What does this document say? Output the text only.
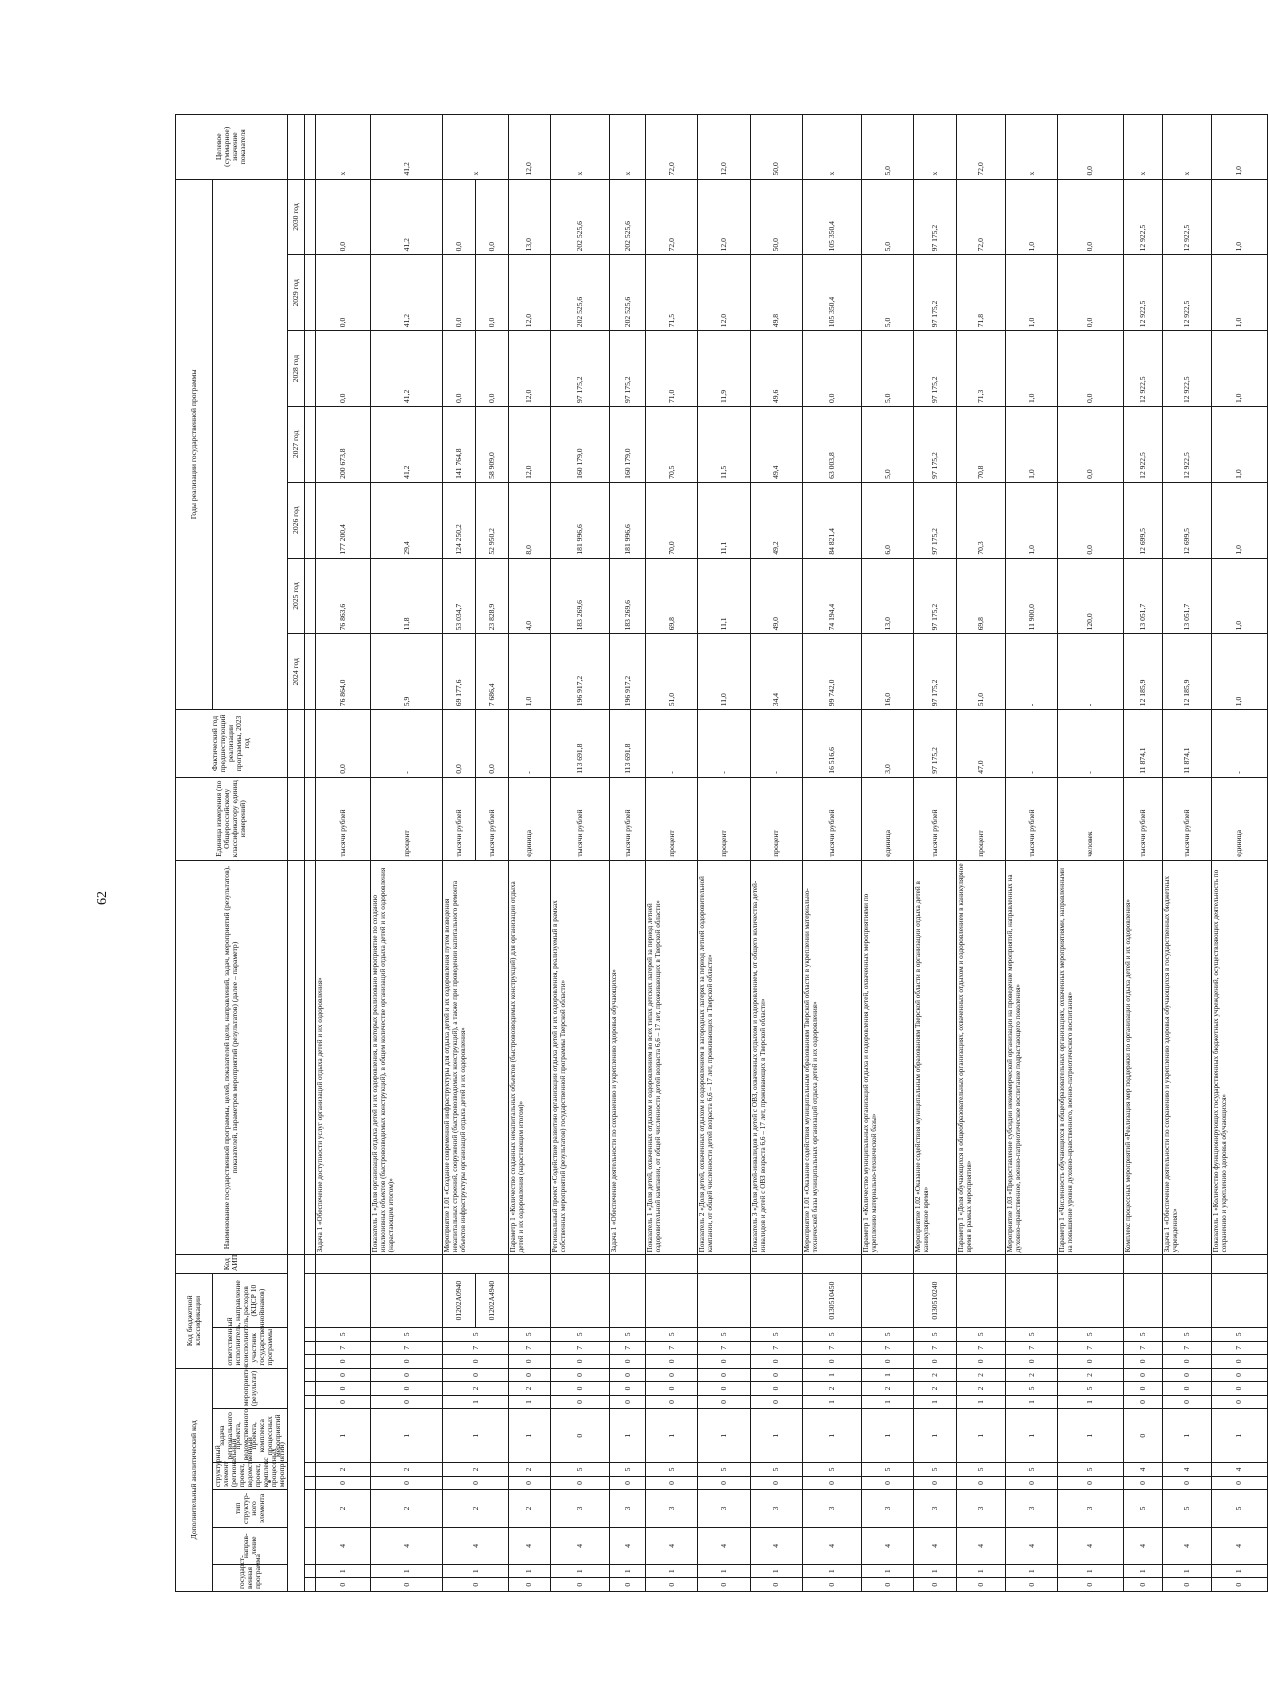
62
Дополнительный аналитический код										Код бюджетной классификации				Код АИП	Наименование государственной программы, целей, показателей цели, направлений, задач, мероприятий (результатов), показателей, параметров мероприятий (результатов) (далее – параметр)	Единица измерения (по Общероссийскому классификатору единиц измерений)	Фактический год предшествующий реализации программы, 2023 год	Годы реализации государственной программы							Целевое (суммарное) значение показателя
государст-венная программа		направ-ление	тип структур-ного элемента	структурный элемент (региональный проект, ведомственный проект, комплекс процессных мероприятий)		задача регионального проекта, ведомственного проекта, комплекса процессных мероприятий	мероприятие (результат)			ответственный исполнитель, соисполнитель, участник государственной программы			направление расходов (КЦСР 10 знаков)												

																		2024 год	2025 год	2026 год	2027 год	2028 год	2029 год	2030 год	

0	1	4	2	0	2	1	0	0	0	0	7	5			Задача 1 «Обеспечение доступности услуг организаций отдыха детей и их оздоровления»	тысячи рублей	0,0	76 864,0	76 863,6	177 200,4	200 673,8	0,0	0,0	0,0	х
0	1	4	2	0	2	1	0	0	0	0	7	5			Показатель 1 «Доля организаций отдыха детей и их оздоровления, в которых реализовано мероприятие по созданию инклюзивных объектов (быстровозводимых конструкций), в общем количестве организаций отдыха детей и их оздоровления (нарастающим итогом)»	процент	-	5,9	11,8	29,4	41,2	41,2	41,2	41,2	41,2
0	1	4	2	0	2	1	1	2	0	0	7	5	01202А0940		Мероприятие 1.01 «Создание современной инфраструктуры для отдыха детей и их оздоровления путем возведения некапитальных строений, сооружений (быстровозводимых конструкций), а также при проведении капитального ремонта объектов инфраструктуры организаций отдыха детей и их оздоровления»	тысячи рублей	0,0	69 177,6	53 034,7	124 250,2	141 764,8	0,0	0,0	0,0	х
													01202А4940			тысячи рублей	0,0	7 686,4	23 828,9	52 950,2	58 909,0	0,0	0,0	0,0	
0	1	4	2	0	2	1	1	2	0	0	7	5			Параметр 1 «Количество созданных некапитальных объектов (быстровозводимых конструкций) для организации отдыха детей и их оздоровления (нарастающим итогом)»	единица	-	1,0	4,0	8,0	12,0	12,0	12,0	13,0	12,0
0	1	4	3	0	5	0	0	0	0	0	7	5			Региональный проект «Содействие развитию организации отдыха детей и их оздоровления, реализуемый в рамках собственных мероприятий (результатов) государственной программы Тверской области»	тысячи рублей	113 691,8	196 917,2	183 269,6	181 996,6	160 179,0	97 175,2	202 525,6	202 525,6	х
0	1	4	3	0	5	1	0	0	0	0	7	5			Задача 1 «Обеспечение деятельности по сохранению и укреплению здоровья обучающихся»	тысячи рублей	113 691,8	196 917,2	183 269,6	181 996,6	160 179,0	97 175,2	202 525,6	202 525,6	х
0	1	4	3	0	5	1	0	0	0	0	7	5			Показатель 1 «Доля детей, охваченных отдыхом и оздоровлением во всех типах детских лагерей за период летней оздоровительной кампании, от общей численности детей возраста 6,6 – 17 лет, проживающих в Тверской области»	процент	-	51,0	69,8	70,0	70,5	71,0	71,5	72,0	72,0
0	1	4	3	0	5	1	0	0	0	0	7	5			Показатель 2 «Доля детей, охваченных отдыхом и оздоровлением в загородных лагерях за период летней оздоровительной кампании, от общей численности детей возраста 6,6 – 17 лет, проживающих в Тверской области»	процент	-	11,0	11,1	11,1	11,5	11,9	12,0	12,0	12,0
0	1	4	3	0	5	1	0	0	0	0	7	5			Показатель 3 «Доля детей-инвалидов и детей с ОВЗ, охваченных отдыхом и оздоровлением, от общего количества детей-инвалидов и детей с ОВЗ возраста 6,6 – 17 лет, проживающих в Тверской области»	процент	-	34,4	49,0	49,2	49,4	49,6	49,8	50,0	50,0
0	1	4	3	0	5	1	1	2	1	0	7	5	0130510450		Мероприятие 1.01 «Оказание содействия муниципальным образованиям Тверской области в укреплении материально-технической базы муниципальных организаций отдыха детей и их оздоровления»	тысячи рублей	16 516,6	99 742,0	74 194,4	84 821,4	63 003,8	0,0	105 350,4	105 350,4	х
0	1	4	3	0	5	1	1	2	1	0	7	5			Параметр 1 «Количество муниципальных организаций отдыха и оздоровления детей, охваченных мероприятиями по укреплению материально-технической базы»	единица	3,0	16,0	13,0	6,0	5,0	5,0	5,0	5,0	5,0
0	1	4	3	0	5	1	1	2	2	0	7	5	0130510240		Мероприятие 1.02 «Оказание содействия муниципальным образованиям Тверской области в организации отдыха детей в каникулярное время»	тысячи рублей	97 175,2	97 175,2	97 175,2	97 175,2	97 175,2	97 175,2	97 175,2	97 175,2	х
0	1	4	3	0	5	1	1	2	2	0	7	5			Параметр 1 «Доля обучающихся в общеобразовательных организациях, охваченных отдыхом и оздоровлением в каникулярное время в рамках мероприятия»	процент	47,0	51,0	69,8	70,3	70,8	71,3	71,8	72,0	72,0
0	1	4	3	0	5	1	1	5	2	0	7	5			Мероприятие 1.03 «Предоставление субсидии некоммерческой организации на проведение мероприятий, направленных на духовно-нравственное, военно-патриотическое воспитание подрастающего поколения»	тысячи рублей	-	-	11 900,0	1,0	1,0	1,0	1,0	1,0	х
0	1	4	3	0	5	1	1	5	2	0	7	5			Параметр 1 «Численность обучающихся в общеобразовательных организациях, охваченных мероприятиями, направленными на повышение уровня духовно-нравственного, военно-патриотического воспитания»	человек	-	-	120,0	0,0	0,0	0,0	0,0	0,0	0,0
0	1	4	5	0	4	0	0	0	0	0	7	5			Комплекс процессных мероприятий «Реализация мер поддержки по организации отдыха детей и их оздоровления»	тысячи рублей	11 874,1	12 185,9	13 051,7	12 699,5	12 922,5	12 922,5	12 922,5	12 922,5	х
0	1	4	5	0	4	1	0	0	0	0	7	5			Задача 1 «Обеспечение деятельности по сохранению и укреплению здоровья обучающихся в государственных бюджетных учреждениях»	тысячи рублей	11 874,1	12 185,9	13 051,7	12 699,5	12 922,5	12 922,5	12 922,5	12 922,5	х
0	1	4	5	0	4	1	0	0	0	0	7	5			Показатель 1 «Количество функционирующих государственных бюджетных учреждений, осуществляющих деятельность по сохранению и укреплению здоровья обучающихся»	единица	-	1,0	1,0	1,0	1,0	1,0	1,0	1,0	1,0
